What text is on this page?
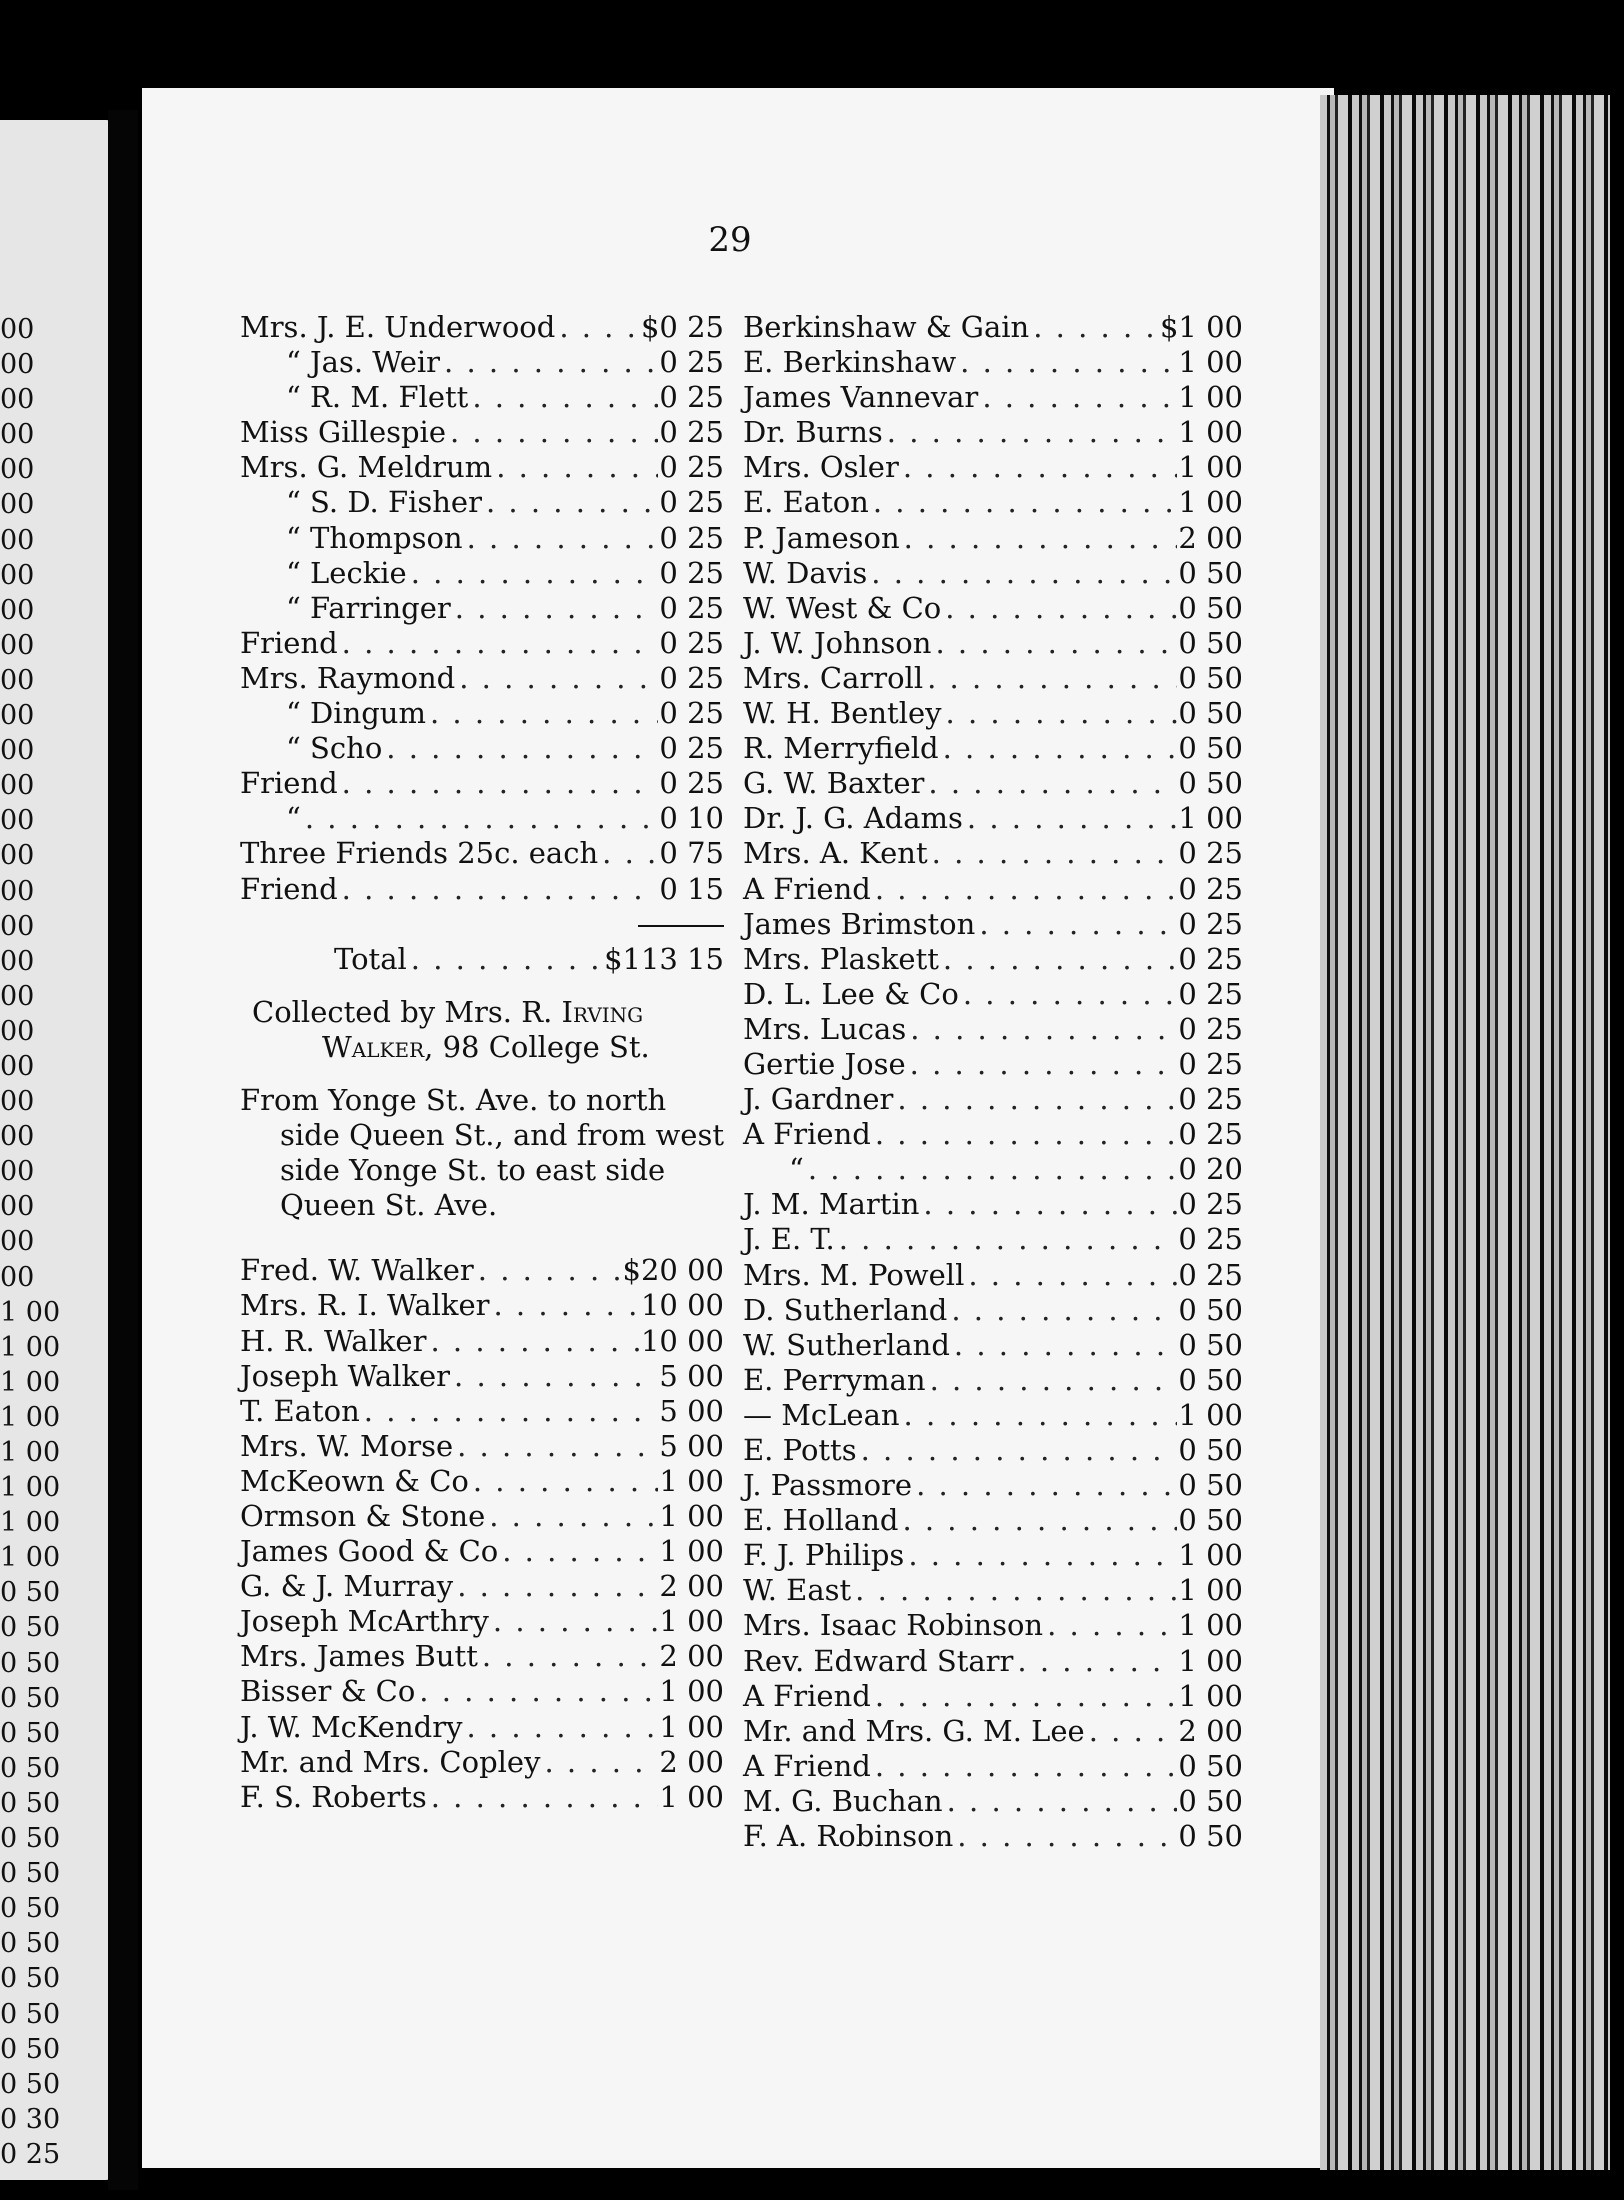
00
00
00
00
00
00
00
00
00
00
00
00
00
00
00
00
00
00
00
00
00
00
00
00
00
00
00
00
1 00
1 00
1 00
1 00
1 00
1 00
1 00
1 00
0 50
0 50
0 50
0 50
0 50
0 50
0 50
0 50
0 50
0 50
0 50
0 50
0 50
0 50
0 50
0 30
0 25
29
Mrs. J. E. Underwood . . .	$0 25
“ Jas. Weir . . .	0 25
“ R. M. Flett . . .	0 25
Miss Gillespie . . .	0 25
Mrs. G. Meldrum . . .	0 25
“ S. D. Fisher . . .	0 25
“ Thompson . . .	0 25
“ Leckie . . .	0 25
“ Farringer . . .	0 25
Friend . . .	0 25
Mrs. Raymond . . .	0 25
“ Dingum . . .	0 25
“ Scho . . .	0 25
Friend . . .	0 25
“ . . .	0 10
Three Friends 25c. each . . . 0 75
Friend . . .	0 15
Total . . .	$113 15
Collected by Mrs. R. Irving
Walker, 98 College St.
From Yonge St. Ave. to north
side Queen St., and from west
side Yonge St. to east side
Queen St. Ave.
Fred. W. Walker . . .	$20 00
Mrs. R. I. Walker . . .	10 00
H. R. Walker . . .	10 00
Joseph Walker . . .	5 00
T. Eaton . . .	5 00
Mrs. W. Morse . . .	5 00
McKeown & Co . . .	1 00
Ormson & Stone . . .	1 00
James Good & Co . . .	1 00
G. & J. Murray . . .	2 00
Joseph McArthry . . .	1 00
Mrs. James Butt . . .	2 00
Bisser & Co . . .	1 00
J. W. McKendry . . .	1 00
Mr. and Mrs. Copley . . .	2 00
F. S. Roberts . . .	1 00
Berkinshaw & Gain . . .	$1 00
E. Berkinshaw . . .	1 00
James Vannevar . . .	1 00
Dr. Burns . . .	1 00
Mrs. Osler . . .	1 00
E. Eaton . . .	1 00
P. Jameson . . .	2 00
W. Davis . . .	0 50
W. West & Co . . .	0 50
J. W. Johnson . . .	0 50
Mrs. Carroll . . .	0 50
W. H. Bentley . . .	0 50
R. Merryfield . . .	0 50
G. W. Baxter . . .	0 50
Dr. J. G. Adams . . .	1 00
Mrs. A. Kent . . .	0 25
A Friend . . .	0 25
James Brimston . . .	0 25
Mrs. Plaskett . . .	0 25
D. L. Lee & Co . . .	0 25
Mrs. Lucas . . .	0 25
Gertie Jose . . .	0 25
J. Gardner . . .	0 25
A Friend . . .	0 25
“ . . .	0 20
J. M. Martin . . .	0 25
J. E. T. . . .	0 25
Mrs. M. Powell . . .	0 25
D. Sutherland . . .	0 50
W. Sutherland . . .	0 50
E. Perryman . . .	0 50
— McLean . . .	1 00
E. Potts . . .	0 50
J. Passmore . . .	0 50
E. Holland . . .	0 50
F. J. Philips . . .	1 00
W. East . . .	1 00
Mrs. Isaac Robinson . . .	1 00
Rev. Edward Starr . . .	1 00
A Friend . . .	1 00
Mr. and Mrs. G. M. Lee . . .	2 00
A Friend . . .	0 50
M. G. Buchan . . .	0 50
F. A. Robinson . . .	0 50
